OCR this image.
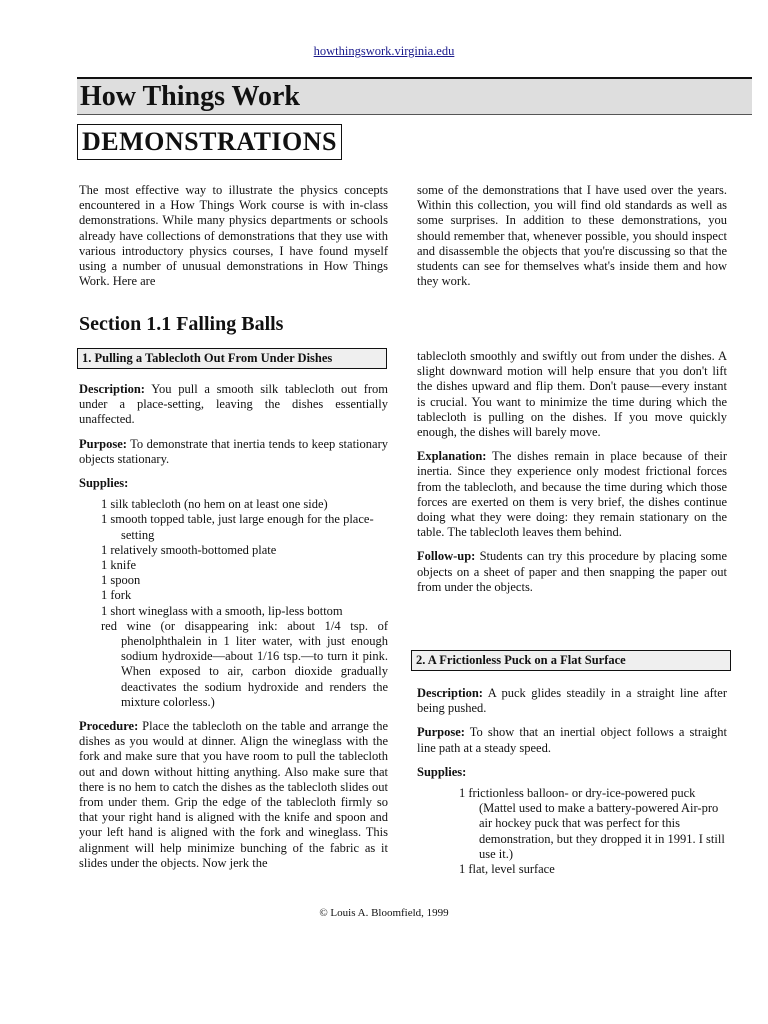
howthingswork.virginia.edu
How Things Work
DEMONSTRATIONS

The most effective way to illustrate the physics concepts encountered in a How Things Work course is with in-class demonstrations. While many physics departments or schools already have collections of demonstrations that they use with various introductory physics courses, I have found myself using a number of unusual demonstrations in How Things Work. Here are

some of the demonstrations that I have used over the years. Within this collection, you will find old standards as well as some surprises. In addition to these demonstrations, you should remember that, whenever possible, you should inspect and disassemble the objects that you're discussing so that the students can see for themselves what's inside them and how they work.

Section 1.1 Falling Balls
1. Pulling a Tablecloth Out From Under Dishes

Description: You pull a smooth silk tablecloth out from under a place-setting, leaving the dishes essentially unaffected.

Purpose: To demonstrate that inertia tends to keep stationary objects stationary.

Supplies:

1 silk tablecloth (no hem on at least one side)
1 smooth topped table, just large enough for the place-setting
1 relatively smooth-bottomed plate
1 knife
1 spoon
1 fork
1 short wineglass with a smooth, lip-less bottom
red wine (or disappearing ink: about 1/4 tsp. of phenolphthalein in 1 liter water, with just enough sodium hydroxide—about 1/16 tsp.—to turn it pink. When exposed to air, carbon dioxide gradually deactivates the sodium hydroxide and renders the mixture colorless.)

Procedure: Place the tablecloth on the table and arrange the dishes as you would at dinner. Align the wineglass with the fork and make sure that you have room to pull the tablecloth out and down without hitting anything. Also make sure that there is no hem to catch the dishes as the tablecloth slides out from under them. Grip the edge of the tablecloth firmly so that your right hand is aligned with the knife and spoon and your left hand is aligned with the fork and wineglass. This alignment will help minimize bunching of the fabric as it slides under the objects. Now jerk the

tablecloth smoothly and swiftly out from under the dishes. A slight downward motion will help ensure that you don't lift the dishes upward and flip them. Don't pause—every instant is crucial. You want to minimize the time during which the tablecloth is pulling on the dishes. If you move quickly enough, the dishes will barely move.

Explanation: The dishes remain in place because of their inertia. Since they experience only modest frictional forces from the tablecloth, and because the time during which those forces are exerted on them is very brief, the dishes continue doing what they were doing: they remain stationary on the table. The tablecloth leaves them behind.

Follow-up: Students can try this procedure by placing some objects on a sheet of paper and then snapping the paper out from under the objects.

2. A Frictionless Puck on a Flat Surface

Description: A puck glides steadily in a straight line after being pushed.

Purpose: To show that an inertial object follows a straight line path at a steady speed.

Supplies:

1 frictionless balloon- or dry-ice-powered puck (Mattel used to make a battery-powered Air-pro air hockey puck that was perfect for this demonstration, but they dropped it in 1991. I still use it.)
1 flat, level surface
© Louis A. Bloomfield, 1999
